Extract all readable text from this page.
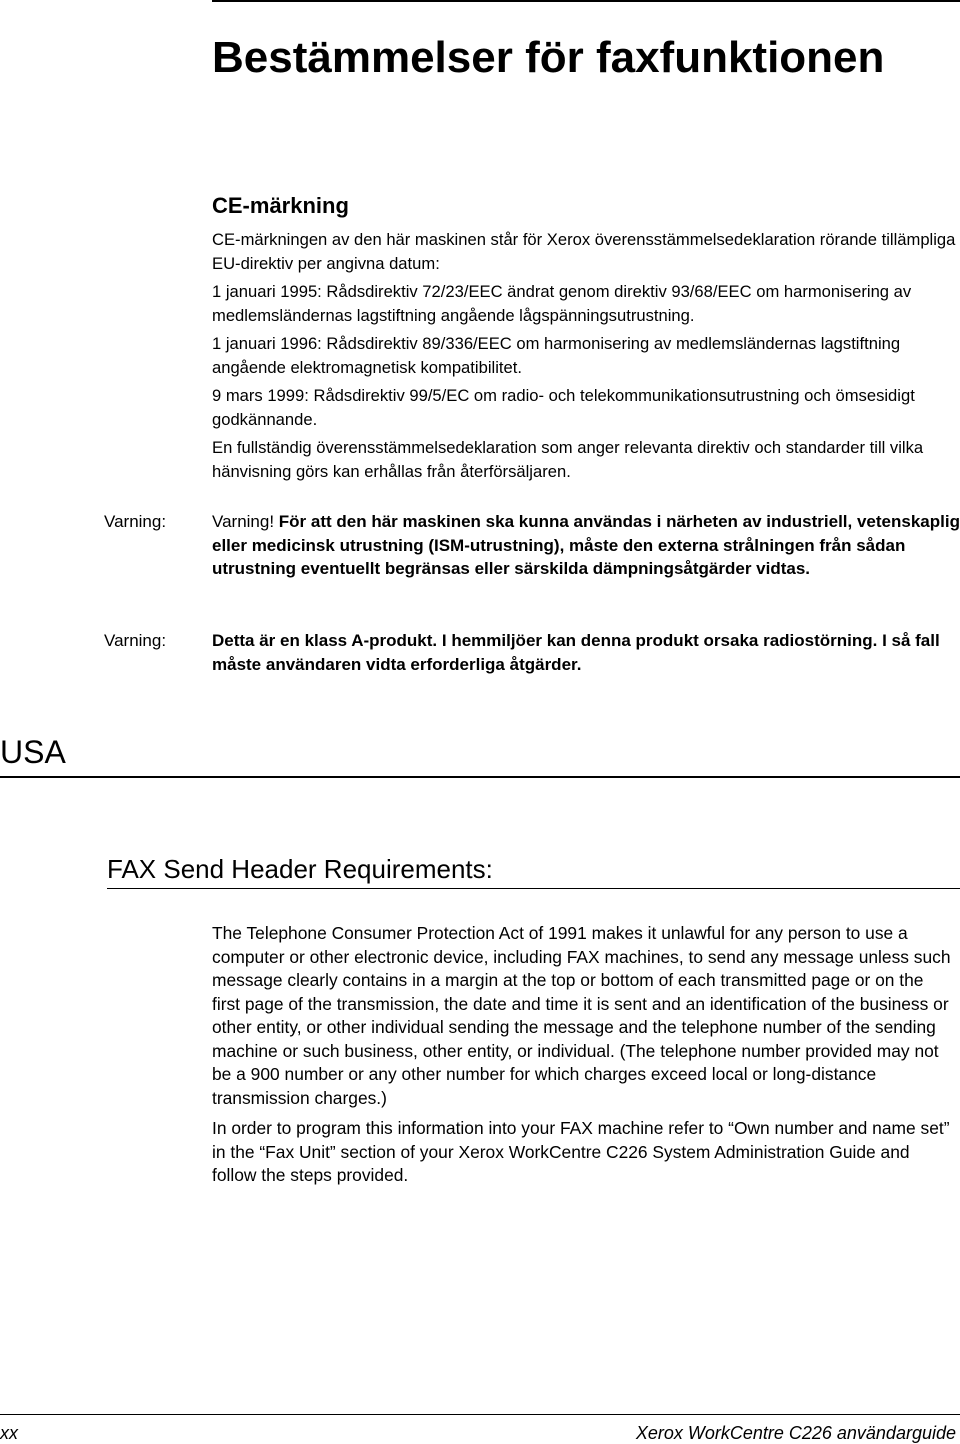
Bestämmelser för faxfunktionen
CE-märkning

CE-märkningen av den här maskinen står för Xerox överensstämmelsedeklaration rörande tillämpliga EU-direktiv per angivna datum:

1 januari 1995: Rådsdirektiv 72/23/EEC ändrat genom direktiv 93/68/EEC om harmonisering av medlemsländernas lagstiftning angående lågspänningsutrustning.

1 januari 1996: Rådsdirektiv 89/336/EEC om harmonisering av medlemsländernas lagstiftning angående elektromagnetisk kompatibilitet.

9 mars 1999: Rådsdirektiv 99/5/EC om radio- och telekommunikationsutrustning och ömsesidigt godkännande.

En fullständig överensstämmelsedeklaration som anger relevanta direktiv och standarder till vilka hänvisning görs kan erhållas från återförsäljaren.

Varning:	Varning! För att den här maskinen ska kunna användas i närheten av industriell, vetenskaplig eller medicinsk utrustning (ISM-utrustning), måste den externa strålningen från sådan utrustning eventuellt begränsas eller särskilda dämpningsåtgärder vidtas.
Varning:	Detta är en klass A-produkt. I hemmiljöer kan denna produkt orsaka radiostörning. I så fall måste användaren vidta erforderliga åtgärder.
USA
FAX Send Header Requirements:

The Telephone Consumer Protection Act of 1991 makes it unlawful for any person to use a computer or other electronic device, including FAX machines, to send any message unless such message clearly contains in a margin at the top or bottom of each transmitted page or on the first page of the transmission, the date and time it is sent and an identification of the business or other entity, or other individual sending the message and the telephone number of the sending machine or such business, other entity, or individual. (The telephone number provided may not be a 900 number or any other number for which charges exceed local or long-distance transmission charges.)

In order to program this information into your FAX machine refer to “Own number and name set” in the “Fax Unit” section of your Xerox WorkCentre C226 System Administration Guide and follow the steps provided.

xx	Xerox WorkCentre C226 användarguide
